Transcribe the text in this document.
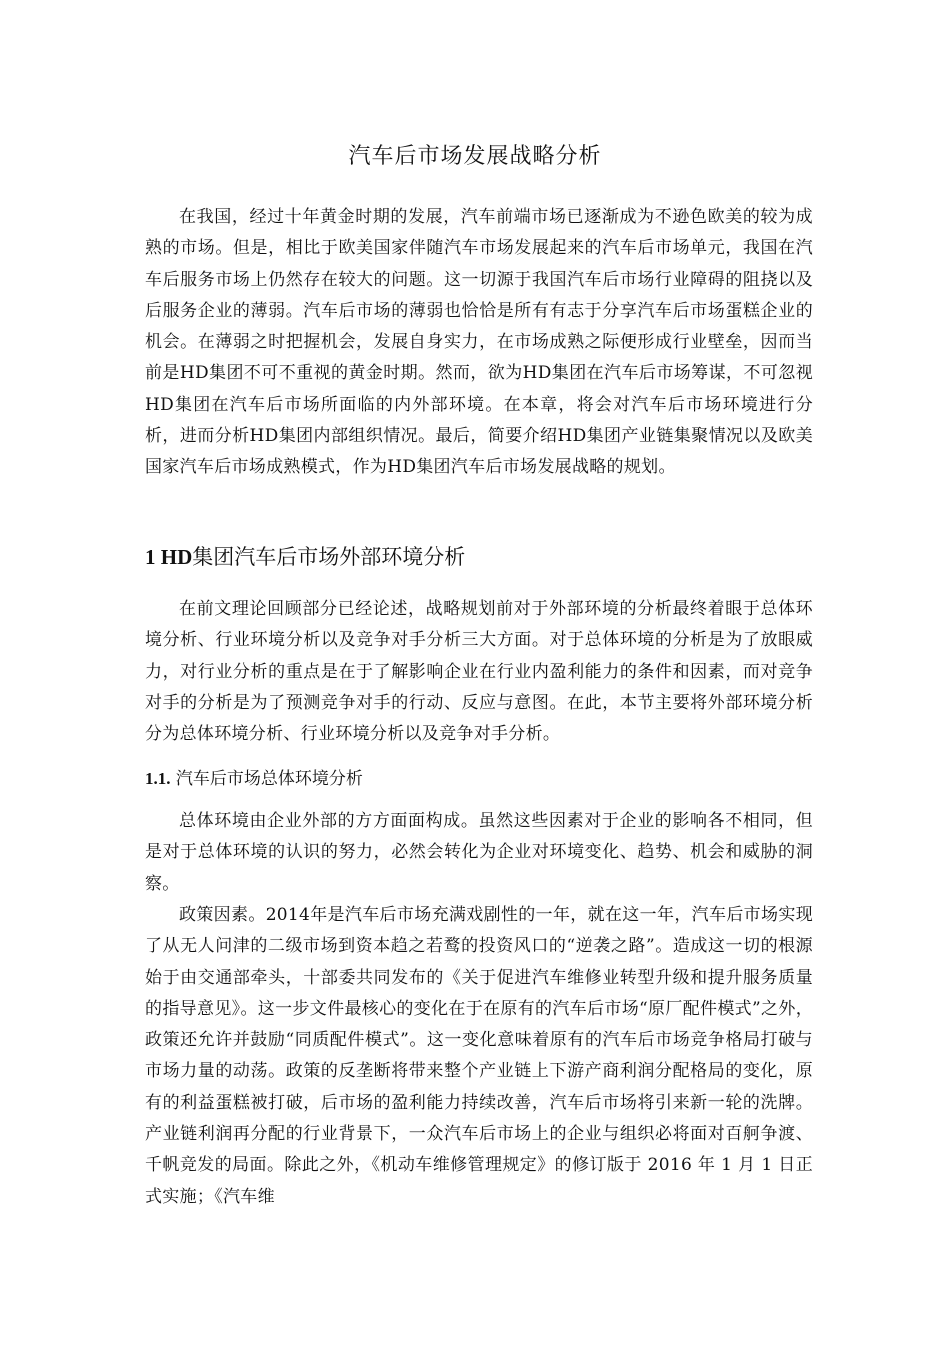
汽车后市场发展战略分析

在我国，经过十年黄金时期的发展，汽车前端市场已逐渐成为不逊色欧美的较为成熟的市场。但是，相比于欧美国家伴随汽车市场发展起来的汽车后市场单元，我国在汽车后服务市场上仍然存在较大的问题。这一切源于我国汽车后市场行业障碍的阻挠以及后服务企业的薄弱。汽车后市场的薄弱也恰恰是所有有志于分享汽车后市场蛋糕企业的机会。在薄弱之时把握机会，发展自身实力，在市场成熟之际便形成行业壁垒，因而当前是HD集团不可不重视的黄金时期。然而，欲为HD集团在汽车后市场筹谋，不可忽视HD集团在汽车后市场所面临的内外部环境。在本章，将会对汽车后市场环境进行分析，进而分析HD集团内部组织情况。最后，简要介绍HD集团产业链集聚情况以及欧美国家汽车后市场成熟模式，作为HD集团汽车后市场发展战略的规划。

1 HD集团汽车后市场外部环境分析

在前文理论回顾部分已经论述，战略规划前对于外部环境的分析最终着眼于总体环境分析、行业环境分析以及竞争对手分析三大方面。对于总体环境的分析是为了放眼威力，对行业分析的重点是在于了解影响企业在行业内盈利能力的条件和因素，而对竞争对手的分析是为了预测竞争对手的行动、反应与意图。在此，本节主要将外部环境分析分为总体环境分析、行业环境分析以及竞争对手分析。

1.1. 汽车后市场总体环境分析

总体环境由企业外部的方方面面构成。虽然这些因素对于企业的影响各不相同，但是对于总体环境的认识的努力，必然会转化为企业对环境变化、趋势、机会和威胁的洞察。

政策因素。2014年是汽车后市场充满戏剧性的一年，就在这一年，汽车后市场实现了从无人问津的二级市场到资本趋之若鹜的投资风口的“逆袭之路”。造成这一切的根源始于由交通部牵头，十部委共同发布的《关于促进汽车维修业转型升级和提升服务质量的指导意见》。这一步文件最核心的变化在于在原有的汽车后市场“原厂配件模式”之外，政策还允许并鼓励“同质配件模式”。这一变化意味着原有的汽车后市场竞争格局打破与市场力量的动荡。政策的反垄断将带来整个产业链上下游产商利润分配格局的变化，原有的利益蛋糕被打破，后市场的盈利能力持续改善，汽车后市场将引来新一轮的洗牌。产业链利润再分配的行业背景下，一众汽车后市场上的企业与组织必将面对百舸争渡、千帆竞发的局面。除此之外，《机动车维修管理规定》的修订版于 2016 年 1 月 1 日正式实施；《汽车维
